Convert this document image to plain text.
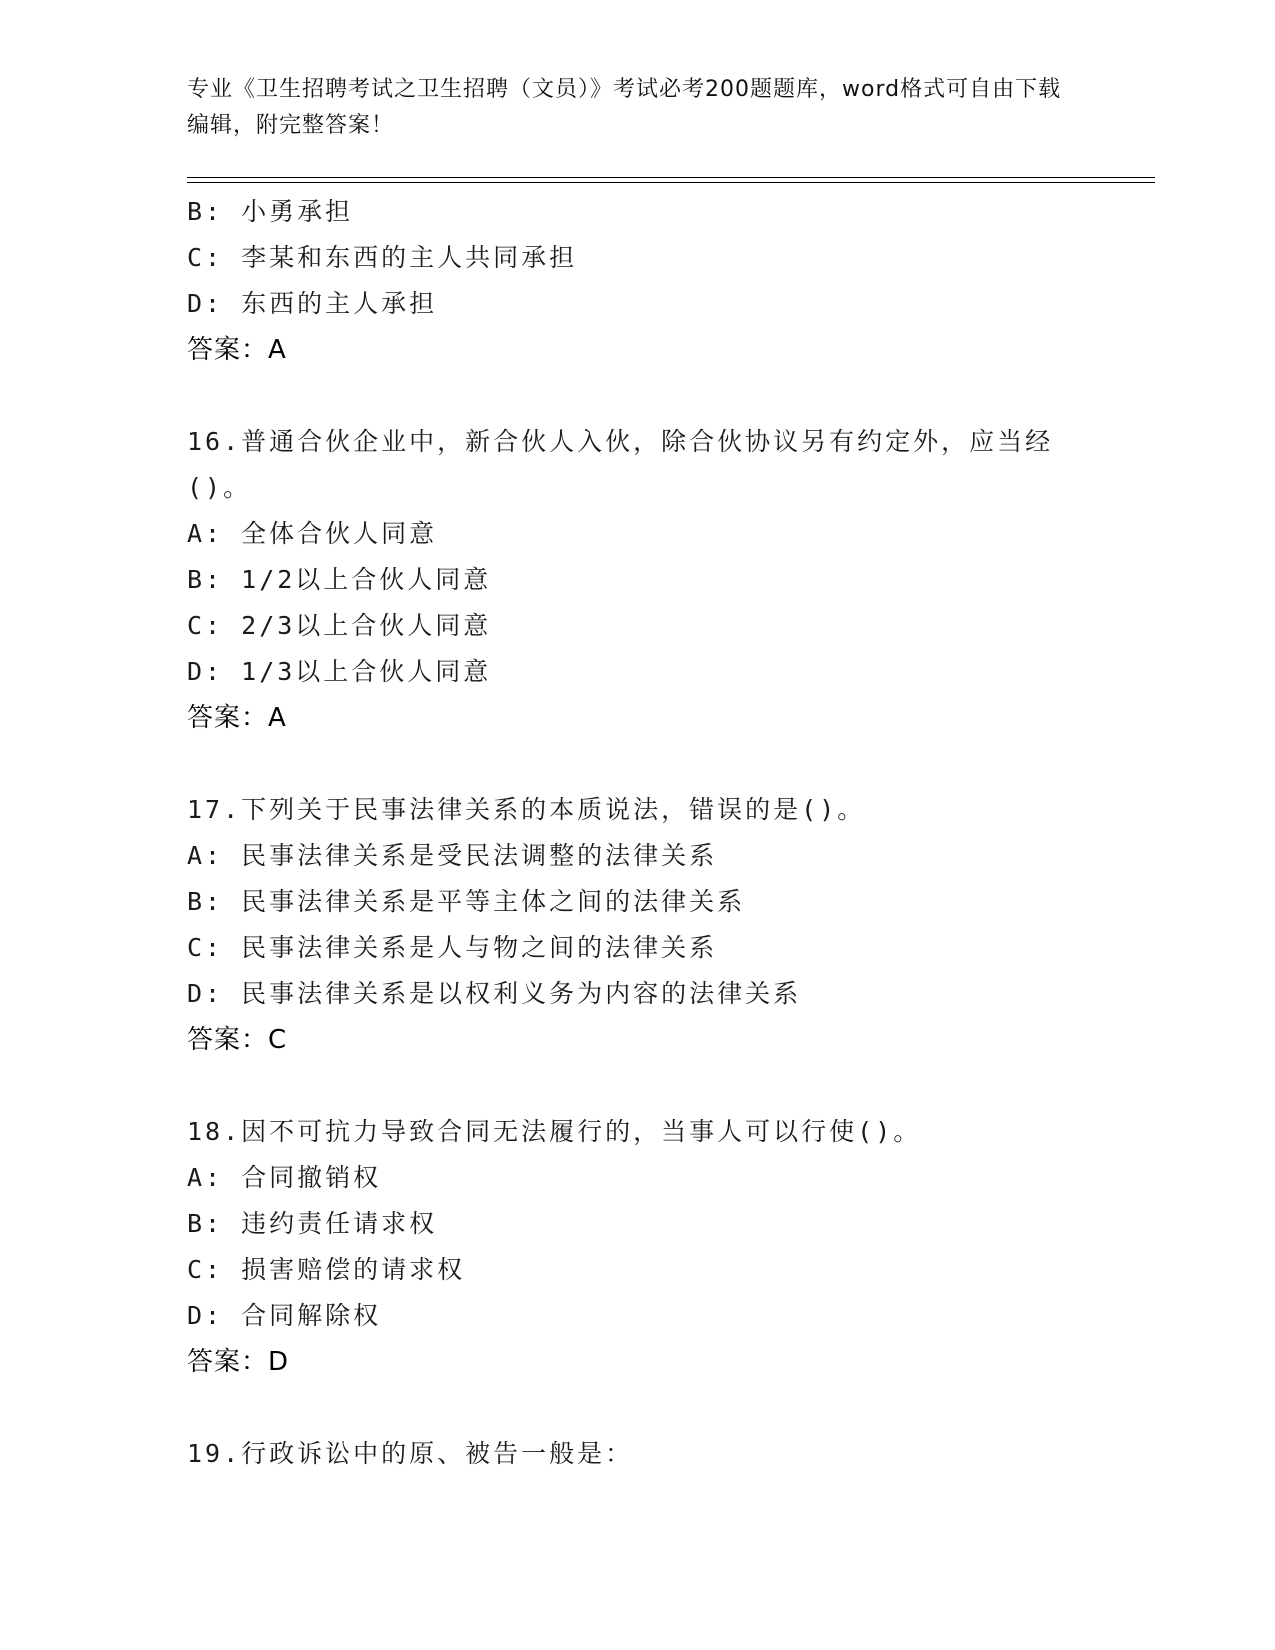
专业《卫生招聘考试之卫生招聘（文员）》考试必考200题题库，word格式可自由下载编辑，附完整答案！
B: 小勇承担
C: 李某和东西的主人共同承担
D: 东西的主人承担
答案：A
16.普通合伙企业中，新合伙人入伙，除合伙协议另有约定外，应当经()。
A: 全体合伙人同意
B: 1/2以上合伙人同意
C: 2/3以上合伙人同意
D: 1/3以上合伙人同意
答案：A
17.下列关于民事法律关系的本质说法，错误的是()。
A: 民事法律关系是受民法调整的法律关系
B: 民事法律关系是平等主体之间的法律关系
C: 民事法律关系是人与物之间的法律关系
D: 民事法律关系是以权利义务为内容的法律关系
答案：C
18.因不可抗力导致合同无法履行的，当事人可以行使()。
A: 合同撤销权
B: 违约责任请求权
C: 损害赔偿的请求权
D: 合同解除权
答案：D
19.行政诉讼中的原、被告一般是：
